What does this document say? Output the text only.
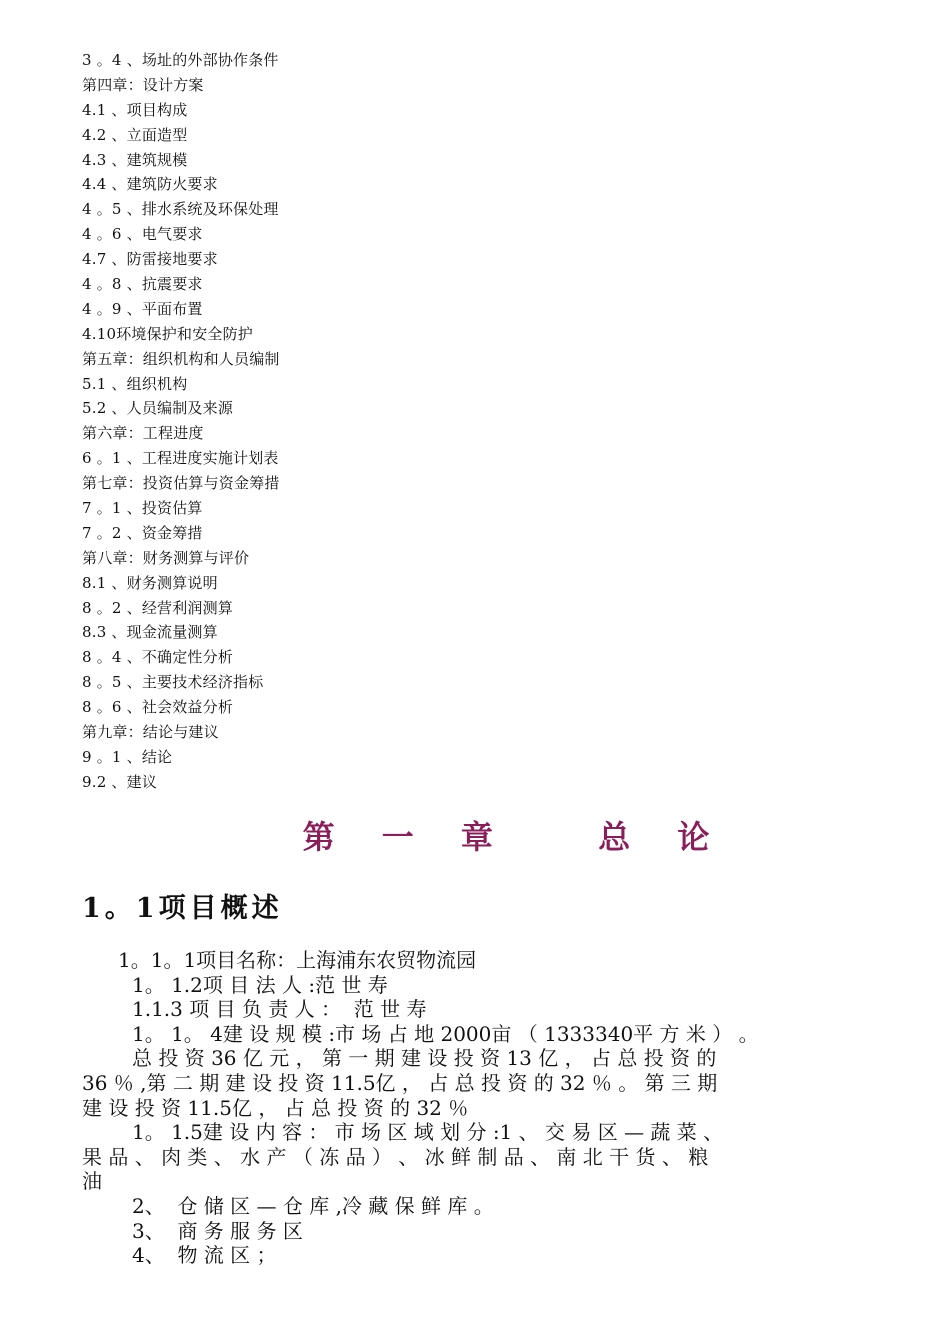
3 。4 、场址的外部协作条件
第四章：设计方案
4.1 、项目构成
4.2 、立面造型
4.3 、建筑规模
4.4 、建筑防火要求
4 。5 、排水系统及环保处理
4 。6 、电气要求
4.7 、防雷接地要求
4 。8 、抗震要求
4 。9 、平面布置
4.10环境保护和安全防护
第五章：组织机构和人员编制
5.1 、组织机构
5.2 、人员编制及来源
第六章：工程进度
6 。1 、工程进度实施计划表
第七章：投资估算与资金筹措
7 。1 、投资估算
7 。2 、资金筹措
第八章：财务测算与评价
8.1 、财务测算说明
8 。2 、经营利润测算
8.3 、现金流量测算
8 。4 、不确定性分析
8 。5 、主要技术经济指标
8 。6 、社会效益分析
第九章：结论与建议
9 。1 、结论
9.2 、建议
第 一 章   总 论
1。1项目概述
1。1。1项目名称：上海浦东农贸物流园
1。 1.2项 目 法 人 :范 世 寿
1.1.3 项 目 负 责 人 ：  范 世 寿
1。 1。 4建 设 规 模 :市 场 占 地 2000亩 （ 1333340平 方 米 ） 。
总 投 资 36 亿 元 ， 第 一 期 建 设 投 资 13 亿 ， 占 总 投 资 的
36 ％ ,第 二 期 建 设 投 资 11.5亿 ， 占 总 投 资 的 32 ％ 。 第 三 期
建 设 投 资 11.5亿 ， 占 总 投 资 的 32 ％
1。 1.5建 设 内 容 ： 市 场 区 域 划 分 :1 、 交 易 区 — 蔬 菜 、
果 品 、 肉 类 、 水 产 （ 冻 品 ） 、 冰 鲜 制 品 、 南 北 干 货 、 粮
油
2、  仓 储 区 — 仓 库 ,冷 藏 保 鲜 库 。
3、  商 务 服 务 区
4、  物 流 区 ；
